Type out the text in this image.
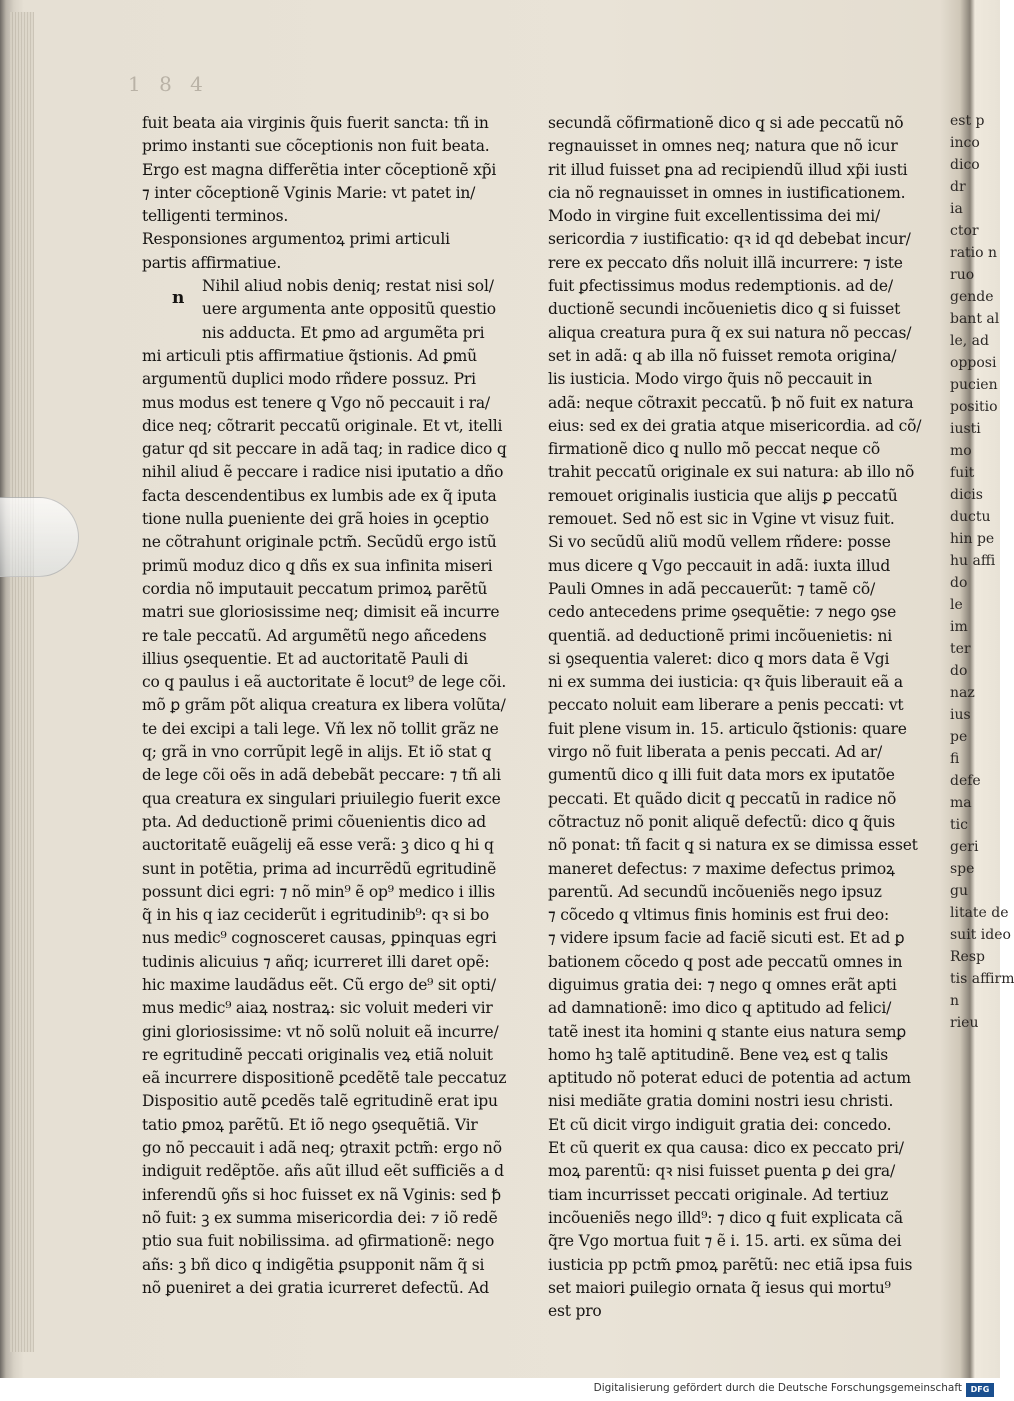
1 8 4
fuit beata aia virginis q̃uis fuerit sancta: tñ in
primo instanti sue cõceptionis non fuit beata.
Ergo est magna differẽtia inter cõceptionẽ xp̃i
⁊ inter cõceptionẽ Vginis Marie: vt patet in/
telligenti terminos.
Responsiones argumentoꝝ primi articuli
partis affirmatiue.
Nihil aliud nobis deniq; restat nisi sol/
uere argumenta ante oppositũ questio
nis adducta. Et ꝑmo ad argumẽta pri
mi articuli ptis affirmatiue q̃stionis. Ad ꝑmũ
argumentũ duplici modo rñdere possuz. Pri
mus modus est tenere q̧ Vgo nõ peccauit i ra/
dice neq; cõtrarit peccatũ originale. Et vt, itelli
gatur qd sit peccare in adã taq; in radice dico q̧
nihil aliud ẽ peccare i radice nisi iputatio a dño
facta descendentibus ex lumbis ade ex q̃ iputa
tione nulla ꝑueniente dei grã hoies in ꝯceptio
ne cõtrahunt originale pctm̃. Secũdũ ergo istũ
primũ moduz dico q̧ dñs ex sua infinita miseri
cordia nõ imputauit peccatum primoꝝ parẽtũ
matri sue gloriosissime neq; dimisit eã incurre
re tale peccatũ. Ad argumẽtũ nego añcedens
illius ꝯsequentie. Et ad auctoritatẽ Pauli di
co q̧ paulus i eã auctoritate ẽ locut⁹ de lege cõi.
mõ ꝑ grãm põt aliqua creatura ex libera volũta/
te dei excipi a tali lege. Vñ lex nõ tollit grãz ne
q; grã in vno corrũpit legẽ in alijs. Et iõ stat q̧
de lege cõi oẽs in adã debebãt peccare: ⁊ tñ ali
qua creatura ex singulari priuilegio fuerit exce
pta. Ad deductionẽ primi cõuenientis dico ad
auctoritatẽ euãgelij eã esse verã: ꝫ dico q̧ hi q
sunt in potẽtia, prima ad incurrẽdũ egritudinẽ
possunt dici egri: ⁊ nõ min⁹ ẽ op⁹ medico i illis
q̃ in his q iaz ceciderũt i egritudinib⁹: qꝛ si bo
nus medic⁹ cognosceret causas, ꝑpinquas egri
tudinis alicuius ⁊ añq; icurreret illi daret opẽ:
hic maxime laudãdus eẽt. Cũ ergo de⁹ sit opti/
mus medic⁹ aiaꝝ nostraꝝ: sic voluit mederi vir
gini gloriosissime: vt nõ solũ noluit eã incurre/
re egritudinẽ peccati originalis veꝝ etiã noluit
eã incurrere dispositionẽ ꝑcedẽtẽ tale peccatuz
Dispositio autẽ ꝑcedẽs talẽ egritudinẽ erat ipu
tatio ꝑmoꝝ parẽtũ. Et iõ nego ꝯsequẽtiã. Vir
go nõ peccauit i adã neq; ꝯtraxit pctm̃: ergo nõ
indiguit redẽptõe. añs aũt illud eẽt sufficiẽs a d
inferendũ ꝯñs si hoc fuisset ex nã Vginis: sed ꝥ
nõ fuit: ꝫ ex summa misericordia dei: ⁊ iõ redẽ
ptio sua fuit nobilissima. ad ꝯfirmationẽ: nego
añs: ꝫ bñ dico q̧ indigẽtia ꝑsupponit nãm q̃ si
nõ ꝑueniret a dei gratia icurreret defectũ. Ad
n
secundã cõfirmationẽ dico q̧ si ade peccatũ nõ
regnauisset in omnes neq; natura que nõ icur
rit illud fuisset ꝑna ad recipiendũ illud xp̃i iusti
cia nõ regnauisset in omnes in iustificationem.
Modo in virgine fuit excellentissima dei mi/
sericordia ⁊ iustificatio: qꝛ id qd debebat incur/
rere ex peccato dñs noluit illã incurrere: ⁊ iste
fuit ꝑfectissimus modus redemptionis. ad de/
ductionẽ secundi incõuenietis dico q̧ si fuisset
aliqua creatura pura q̃ ex sui natura nõ peccas/
set in adã: q̧ ab illa nõ fuisset remota origina/
lis iusticia. Modo virgo q̃uis nõ peccauit in
adã: neque cõtraxit peccatũ. ꝥ nõ fuit ex natura
eius: sed ex dei gratia atque misericordia. ad cõ/
firmationẽ dico q̧ nullo mõ peccat neque cõ
trahit peccatũ originale ex sui natura: ab illo nõ
remouet originalis iusticia que alijs ꝑ peccatũ
remouet. Sed nõ est sic in Vgine vt visuz fuit.
Si vo secũdũ aliũ modũ vellem rñdere: posse
mus dicere q̧ Vgo peccauit in adã: iuxta illud
Pauli Omnes in adã peccauerũt: ⁊ tamẽ cõ/
cedo antecedens prime ꝯsequẽtie: ⁊ nego ꝯse
quentiã. ad deductionẽ primi incõuenietis: ni
si ꝯsequentia valeret: dico q̧ mors data ẽ Vgi
ni ex summa dei iusticia: qꝛ q̃uis liberauit eã a
peccato noluit eam liberare a penis peccati: vt
fuit plene visum in. 15. articulo q̃stionis: quare
virgo nõ fuit liberata a penis peccati. Ad ar/
gumentũ dico q̧ illi fuit data mors ex iputatõe
peccati. Et quãdo dicit q̧ peccatũ in radice nõ
cõtractuz nõ ponit aliquẽ defectũ: dico q̧ q̃uis
nõ ponat: tñ facit q̧ si natura ex se dimissa esset
maneret defectus: ⁊ maxime defectus primoꝝ
parentũ. Ad secundũ incõueniẽs nego ipsuz
⁊ cõcedo q̧ vltimus finis hominis est frui deo:
⁊ videre ipsum facie ad faciẽ sicuti est. Et ad ꝑ
bationem cõcedo q̧ post ade peccatũ omnes in
diguimus gratia dei: ⁊ nego q̧ omnes erãt apti
ad damnationẽ: imo dico q̧ aptitudo ad felici/
tatẽ inest ita homini q̧ stante eius natura semꝑ
homo hꝫ talẽ aptitudinẽ. Bene veꝝ est q̧ talis
aptitudo nõ poterat educi de potentia ad actum
nisi mediãte gratia domini nostri iesu christi.
Et cũ dicit virgo indiguit gratia dei: concedo.
Et cũ querit ex qua causa: dico ex peccato pri/
moꝝ parentũ: qꝛ nisi fuisset ꝑuenta ꝑ dei gra/
tiam incurrisset peccati originale. Ad tertiuz
incõueniẽs nego illd⁹: ⁊ dico q̧ fuit explicata cã
q̃re Vgo mortua fuit ⁊ ẽ i. 15. arti. ex sũma dei
iusticia pp pctm̃ ꝑmoꝝ parẽtũ: nec etiã ipsa fuis
set maiori ꝑuilegio ornata q̃ iesus qui mortu⁹
est pro
est p
inco
dico
dr
ia
ctor
ratio n
ruo
gende
bant al
le, ad
opposi
pucien
positio
iusti
mo
fuit
dicis
ductu
hin pe
hu affi
do
le
im
ter
do
naz
ius
pe
fi
defe
ma
tic
geri
spe
gu
litate de
suit ideo
Resp
tis affirm
n
rieu
Digitalisierung gefördert durch die Deutsche Forschungsgemeinschaft	DFG
